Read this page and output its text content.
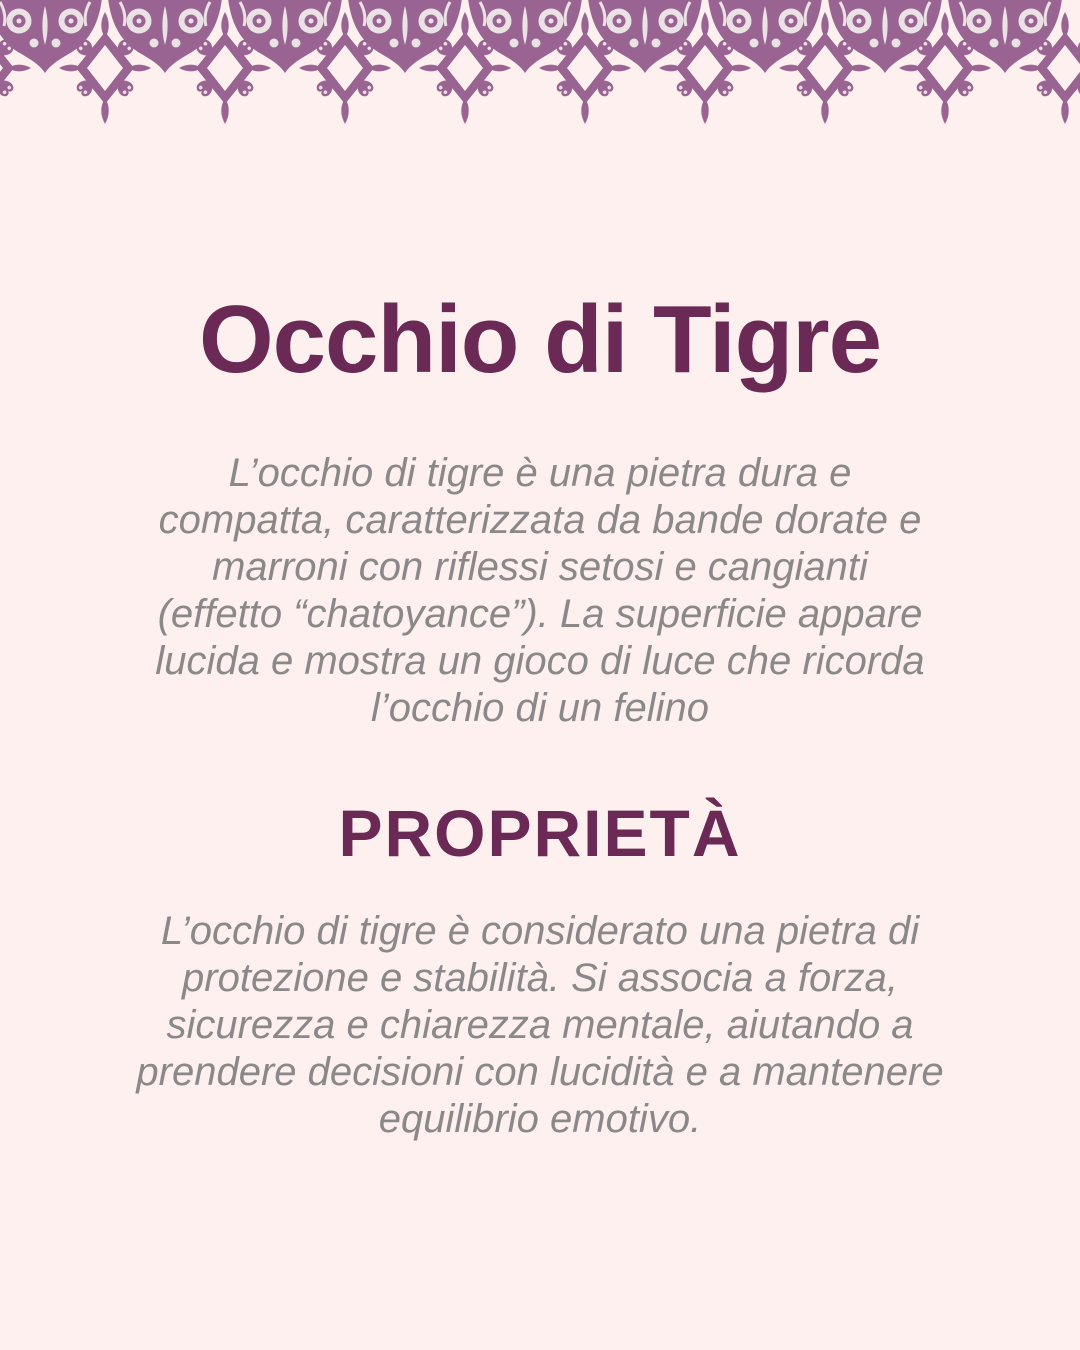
Occhio di Tigre
L’occhio di tigre è una pietra dura e
compatta, caratterizzata da bande dorate e
marroni con riflessi setosi e cangianti
(effetto “chatoyance”). La superficie appare
lucida e mostra un gioco di luce che ricorda
l’occhio di un felino
PROPRIETÀ
L’occhio di tigre è considerato una pietra di
protezione e stabilità. Si associa a forza,
sicurezza e chiarezza mentale, aiutando a
prendere decisioni con lucidità e a mantenere
equilibrio emotivo.
